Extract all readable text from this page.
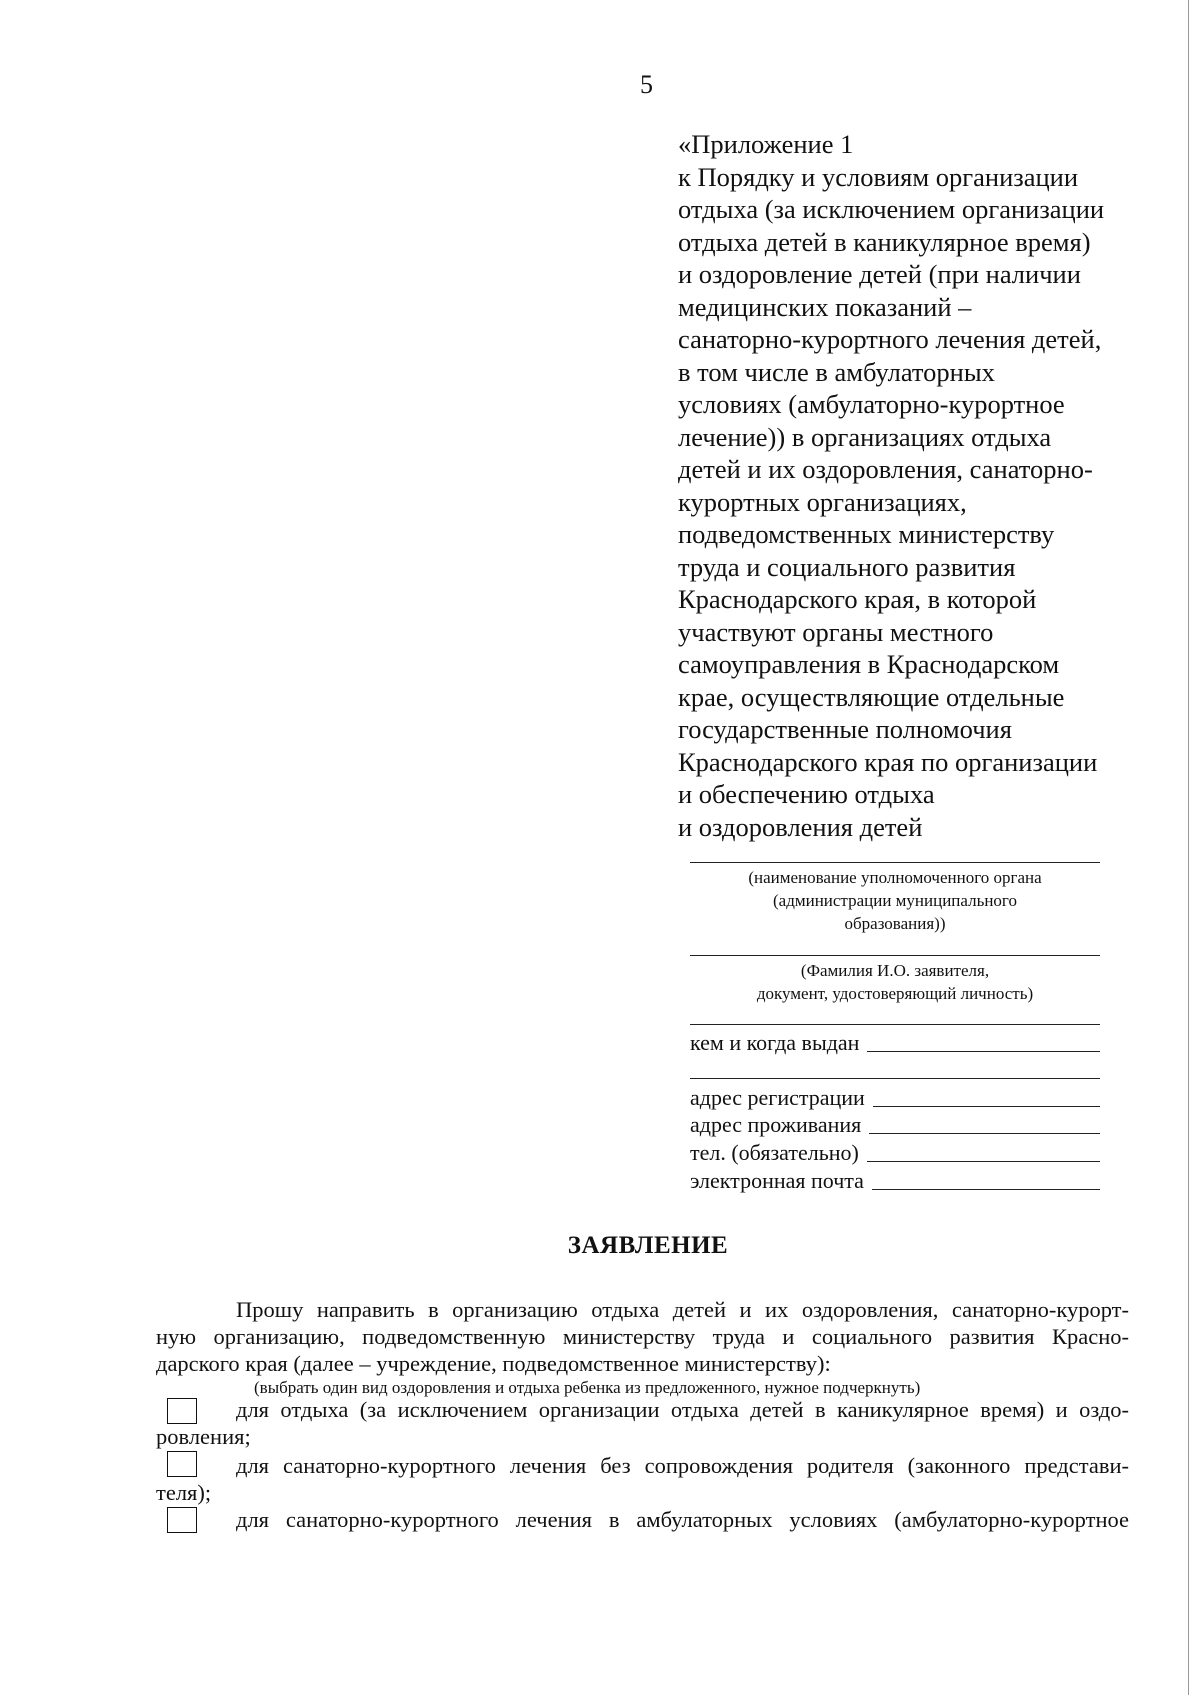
5
«Приложение 1
к Порядку и условиям организации
отдыха (за исключением организации
отдыха детей в каникулярное время)
и оздоровление детей (при наличии
медицинских показаний –
санаторно-курортного лечения детей,
в том числе в амбулаторных
условиях (амбулаторно-курортное
лечение)) в организациях отдыха
детей и их оздоровления, санаторно-
курортных организациях,
подведомственных министерству
труда и социального развития
Краснодарского края, в которой
участвуют органы местного
самоуправления в Краснодарском
крае, осуществляющие отдельные
государственные полномочия
Краснодарского края по организации
и обеспечению отдыха
и оздоровления детей
(наименование уполномоченного органа
(администрации муниципального
образования))
(Фамилия И.О. заявителя,
документ, удостоверяющий личность)
кем и когда выдан
адрес регистрации
адрес проживания
тел. (обязательно)
электронная почта
ЗАЯВЛЕНИЕ
Прошу направить в организацию отдыха детей и их оздоровления, санаторно-курорт-
ную организацию, подведомственную министерству труда и социального развития Красно-
дарского края (далее – учреждение, подведомственное министерству):
(выбрать один вид оздоровления и отдыха ребенка из предложенного, нужное подчеркнуть)
для отдыха (за исключением организации отдыха детей в каникулярное время) и оздо-
ровления;
для санаторно-курортного лечения без сопровождения родителя (законного представи-
теля);
для санаторно-курортного лечения в амбулаторных условиях (амбулаторно-курортное
